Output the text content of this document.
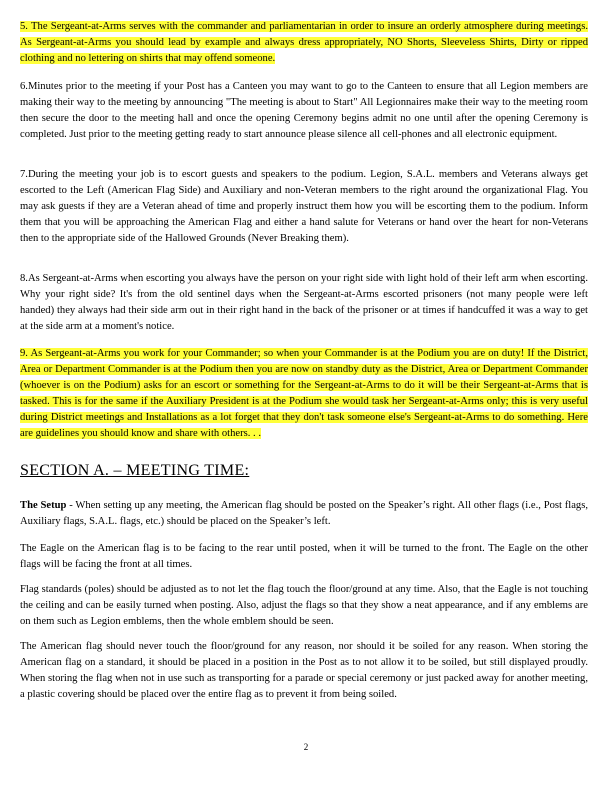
5. The Sergeant-at-Arms serves with the commander and parliamentarian in order to insure an orderly atmosphere during meetings. As Sergeant-at-Arms you should lead by example and always dress appropriately, NO Shorts, Sleeveless Shirts, Dirty or ripped clothing and no lettering on shirts that may offend someone.

6.Minutes prior to the meeting if your Post has a Canteen you may want to go to the Canteen to ensure that all Legion members are making their way to the meeting by announcing "The meeting is about to Start" All Legionnaires make their way to the meeting room then secure the door to the meeting hall and once the opening Ceremony begins admit no one until after the opening Ceremony is completed. Just prior to the meeting getting ready to start announce please silence all cell-phones and all electronic equipment.

7.During the meeting your job is to escort guests and speakers to the podium. Legion, S.A.L. members and Veterans always get escorted to the Left (American Flag Side) and Auxiliary and non-Veteran members to the right around the organizational Flag. You may ask guests if they are a Veteran ahead of time and properly instruct them how you will be escorting them to the podium. Inform them that you will be approaching the American Flag and either a hand salute for Veterans or hand over the heart for non-Veterans then to the appropriate side of the Hallowed Grounds (Never Breaking them).

8.As Sergeant-at-Arms when escorting you always have the person on your right side with light hold of their left arm when escorting. Why your right side? It's from the old sentinel days when the Sergeant-at-Arms escorted prisoners (not many people were left handed) they always had their side arm out in their right hand in the back of the prisoner or at times if handcuffed it was a way to get at the side arm at a moment's notice.

9. As Sergeant-at-Arms you work for your Commander; so when your Commander is at the Podium you are on duty! If the District, Area or Department Commander is at the Podium then you are now on standby duty as the District, Area or Department Commander (whoever is on the Podium) asks for an escort or something for the Sergeant-at-Arms to do it will be their Sergeant-at-Arms that is tasked. This is for the same if the Auxiliary President is at the Podium she would task her Sergeant-at-Arms only; this is very useful during District meetings and Installations as a lot forget that they don't task someone else's Sergeant-at-Arms to do something. Here are guidelines you should know and share with others. . .

SECTION A. – MEETING TIME:

The Setup - When setting up any meeting, the American flag should be posted on the Speaker’s right. All other flags (i.e., Post flags, Auxiliary flags, S.A.L. flags, etc.) should be placed on the Speaker’s left.

The Eagle on the American flag is to be facing to the rear until posted, when it will be turned to the front. The Eagle on the other flags will be facing the front at all times.

Flag standards (poles) should be adjusted as to not let the flag touch the floor/ground at any time. Also, that the Eagle is not touching the ceiling and can be easily turned when posting. Also, adjust the flags so that they show a neat appearance, and if any emblems are on them such as Legion emblems, then the whole emblem should be seen.

The American flag should never touch the floor/ground for any reason, nor should it be soiled for any reason. When storing the American flag on a standard, it should be placed in a position in the Post as to not allow it to be soiled, but still displayed proudly. When storing the flag when not in use such as transporting for a parade or special ceremony or just packed away for another meeting, a plastic covering should be placed over the entire flag as to prevent it from being soiled.

2
